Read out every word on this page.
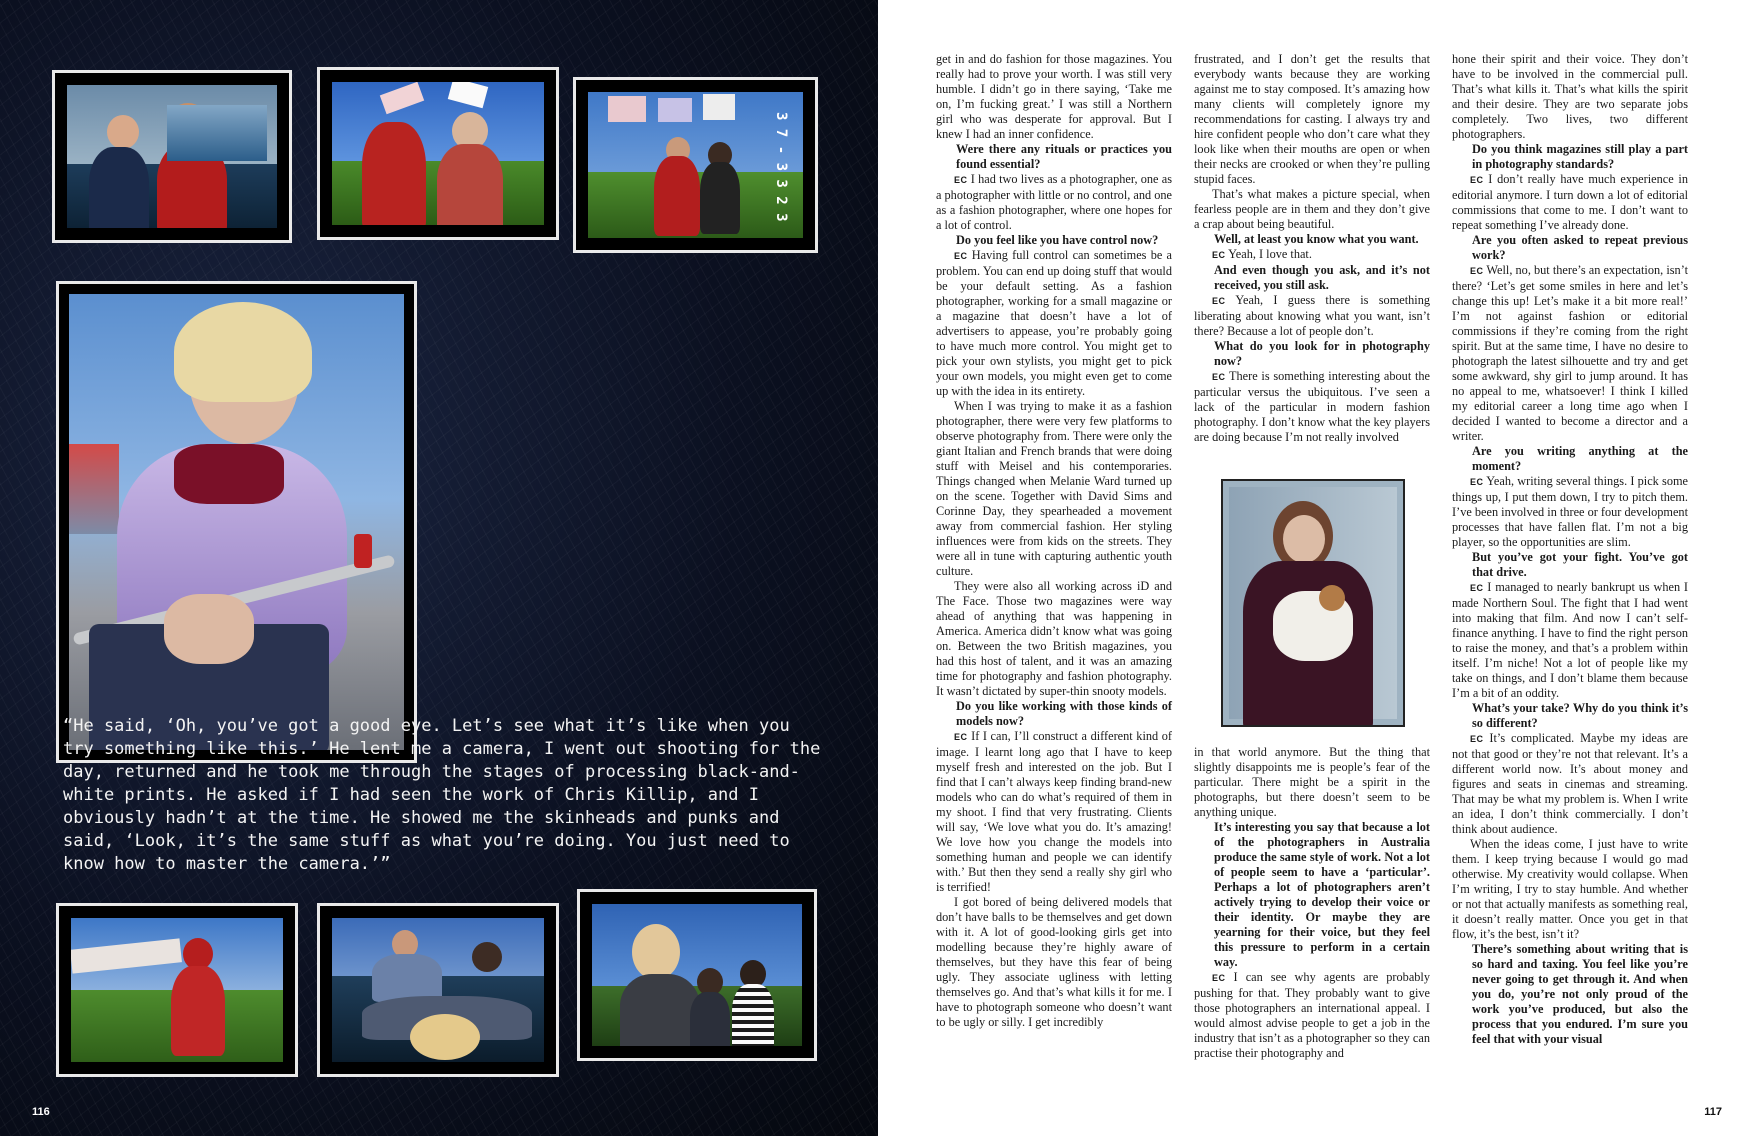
3 7 - 3 3 2 3
“He said, ‘Oh, you’ve got a good eye. Let’s see what it’s like when you try something like this.’ He lent me a camera, I went out shooting for the day, returned and he took me through the stages of processing black-and-white prints. He asked if I had seen the work of Chris Killip, and I obviously hadn’t at the time. He showed me the skinheads and punks and said, ‘Look, it’s the same stuff as what you’re doing. You just need to know how to master the camera.’”
116

get in and do fashion for those magazines. You really had to prove your worth. I was still very humble. I didn’t go in there saying, ‘Take me on, I’m fucking great.’ I was still a Northern girl who was desperate for approval. But I knew I had an inner confidence.

Were there any rituals or practices you found essential?

EC I had two lives as a photographer, one as a photographer with little or no control, and one as a fashion photographer, where one hopes for a lot of control.

Do you feel like you have control now?

EC Having full control can sometimes be a problem. You can end up doing stuff that would be your default setting. As a fashion photographer, working for a small magazine or a magazine that doesn’t have a lot of advertisers to appease, you’re probably going to have much more control. You might get to pick your own stylists, you might get to pick your own models, you might even get to come up with the idea in its entirety.

When I was trying to make it as a fashion photographer, there were very few platforms to observe photography from. There were only the giant Italian and French brands that were doing stuff with Meisel and his contemporaries. Things changed when Melanie Ward turned up on the scene. Together with David Sims and Corinne Day, they spearheaded a movement away from commercial fashion. Her styling influences were from kids on the streets. They were all in tune with capturing authentic youth culture.

They were also all working across iD and The Face. Those two magazines were way ahead of anything that was happening in America. America didn’t know what was going on. Between the two British magazines, you had this host of talent, and it was an amazing time for photography and fashion photography. It wasn’t dictated by super-thin snooty models.

Do you like working with those kinds of models now?

EC If I can, I’ll construct a different kind of image. I learnt long ago that I have to keep myself fresh and interested on the job. But I find that I can’t always keep finding brand-new models who can do what’s required of them in my shoot. I find that very frustrating. Clients will say, ‘We love what you do. It’s amazing! We love how you change the models into something human and people we can identify with.’ But then they send a really shy girl who is terrified!

I got bored of being delivered models that don’t have balls to be themselves and get down with it. A lot of good-looking girls get into modelling because they’re highly aware of themselves, but they have this fear of being ugly. They associate ugliness with letting themselves go. And that’s what kills it for me. I have to photograph someone who doesn’t want to be ugly or silly. I get incredibly

frustrated, and I don’t get the results that everybody wants because they are working against me to stay composed. It’s amazing how many clients will completely ignore my recommendations for casting. I always try and hire confident people who don’t care what they look like when their mouths are open or when their necks are crooked or when they’re pulling stupid faces.

That’s what makes a picture special, when fearless people are in them and they don’t give a crap about being beautiful.

Well, at least you know what you want.

EC Yeah, I love that.

And even though you ask, and it’s not received, you still ask.

EC Yeah, I guess there is something liberating about knowing what you want, isn’t there? Because a lot of people don’t.

What do you look for in photography now?

EC There is something interesting about the particular versus the ubiquitous. I’ve seen a lack of the particular in modern fashion photography. I don’t know what the key players are doing because I’m not really involved

in that world anymore. But the thing that slightly disappoints me is people’s fear of the particular. There might be a spirit in the photographs, but there doesn’t seem to be anything unique.

It’s interesting you say that because a lot of the photographers in Australia produce the same style of work. Not a lot of people seem to have a ‘particular’. Perhaps a lot of photographers aren’t actively trying to develop their voice or their identity. Or maybe they are yearning for their voice, but they feel this pressure to perform in a certain way.

EC I can see why agents are probably pushing for that. They probably want to give those photographers an international appeal. I would almost advise people to get a job in the industry that isn’t as a photographer so they can practise their photography and

hone their spirit and their voice. They don’t have to be involved in the commercial pull. That’s what kills it. That’s what kills the spirit and their desire. They are two separate jobs completely. Two lives, two different photographers.

Do you think magazines still play a part in photography standards?

EC I don’t really have much experience in editorial anymore. I turn down a lot of editorial commissions that come to me. I don’t want to repeat something I’ve already done.

Are you often asked to repeat previous work?

EC Well, no, but there’s an expectation, isn’t there? ‘Let’s get some smiles in here and let’s change this up! Let’s make it a bit more real!’ I’m not against fashion or editorial commissions if they’re coming from the right spirit. But at the same time, I have no desire to photograph the latest silhouette and try and get some awkward, shy girl to jump around. It has no appeal to me, whatsoever! I think I killed my editorial career a long time ago when I decided I wanted to become a director and a writer.

Are you writing anything at the moment?

EC Yeah, writing several things. I pick some things up, I put them down, I try to pitch them. I’ve been involved in three or four development processes that have fallen flat. I’m not a big player, so the opportunities are slim.

But you’ve got your fight. You’ve got that drive.

EC I managed to nearly bankrupt us when I made Northern Soul. The fight that I had went into making that film. And now I can’t self-finance anything. I have to find the right person to raise the money, and that’s a problem within itself. I’m niche! Not a lot of people like my take on things, and I don’t blame them because I’m a bit of an oddity.

What’s your take? Why do you think it’s so different?

EC It’s complicated. Maybe my ideas are not that good or they’re not that relevant. It’s a different world now. It’s about money and figures and seats in cinemas and streaming. That may be what my problem is. When I write an idea, I don’t think commercially. I don’t think about audience.

When the ideas come, I just have to write them. I keep trying because I would go mad otherwise. My creativity would collapse. When I’m writing, I try to stay humble. And whether or not that actually manifests as something real, it doesn’t really matter. Once you get in that flow, it’s the best, isn’t it?

There’s something about writing that is so hard and taxing. You feel like you’re never going to get through it. And when you do, you’re not only proud of the work you’ve produced, but also the process that you endured. I’m sure you feel that with your visual

117
